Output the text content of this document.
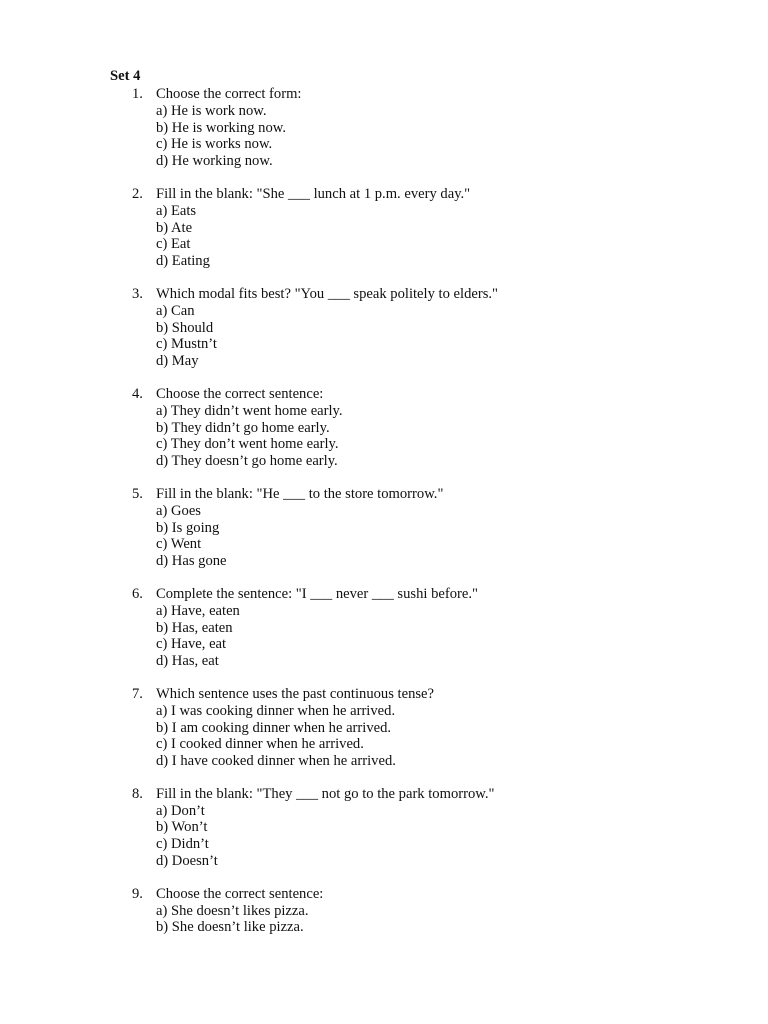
Set 4
1. Choose the correct form:
a) He is work now.
b) He is working now.
c) He is works now.
d) He working now.
2. Fill in the blank: "She ___ lunch at 1 p.m. every day."
a) Eats
b) Ate
c) Eat
d) Eating
3. Which modal fits best? "You ___ speak politely to elders."
a) Can
b) Should
c) Mustn’t
d) May
4. Choose the correct sentence:
a) They didn’t went home early.
b) They didn’t go home early.
c) They don’t went home early.
d) They doesn’t go home early.
5. Fill in the blank: "He ___ to the store tomorrow."
a) Goes
b) Is going
c) Went
d) Has gone
6. Complete the sentence: "I ___ never ___ sushi before."
a) Have, eaten
b) Has, eaten
c) Have, eat
d) Has, eat
7. Which sentence uses the past continuous tense?
a) I was cooking dinner when he arrived.
b) I am cooking dinner when he arrived.
c) I cooked dinner when he arrived.
d) I have cooked dinner when he arrived.
8. Fill in the blank: "They ___ not go to the park tomorrow."
a) Don’t
b) Won’t
c) Didn’t
d) Doesn’t
9. Choose the correct sentence:
a) She doesn’t likes pizza.
b) She doesn’t like pizza.
